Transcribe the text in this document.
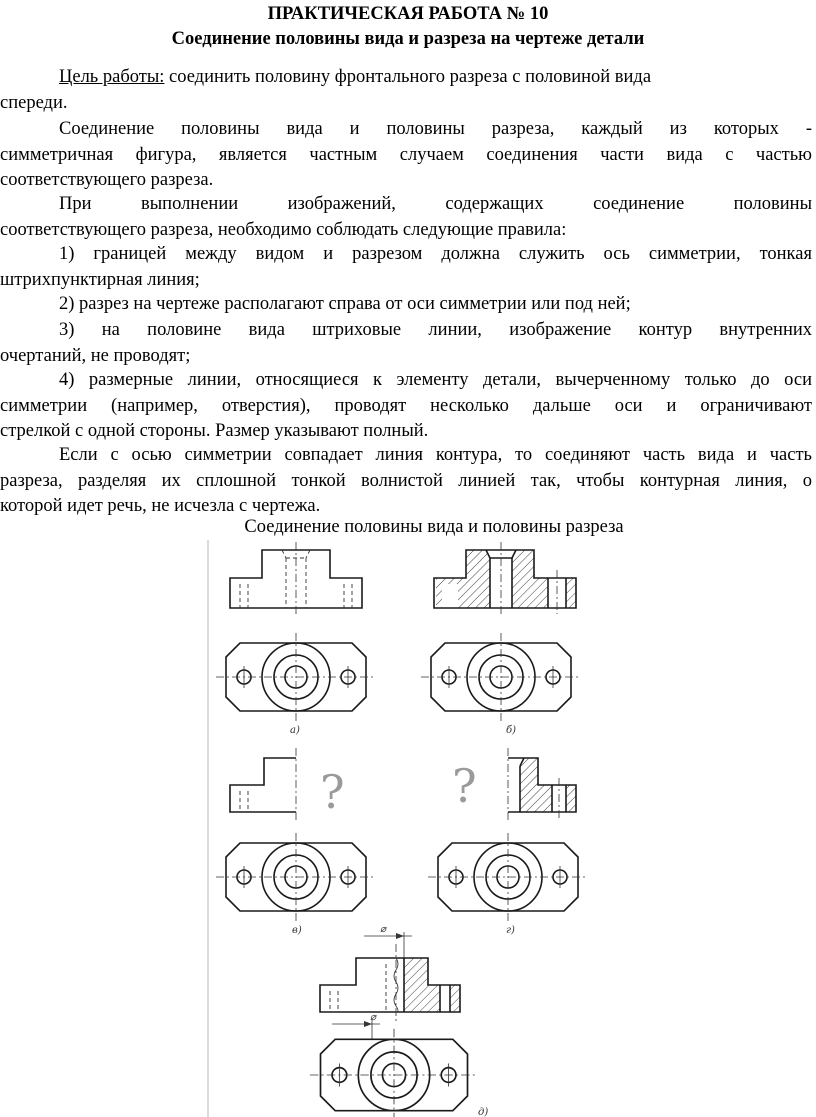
ПРАКТИЧЕСКАЯ РАБОТА № 10
Соединение половины вида и разреза на чертеже детали
Цель работы: соединить половину фронтального разреза с половиной вида
спереди.
Соединение половины вида и половины разреза, каждый из которых -
симметричная фигура, является частным случаем соединения части вида с частью
соответствующего разреза.
При выполнении изображений, содержащих соединение половины
соответствующего разреза, необходимо соблюдать следующие правила:
1) границей между видом и разрезом должна служить ось симметрии, тонкая
штрихпунктирная линия;
2) разрез на чертеже располагают справа от оси симметрии или под ней;
3) на половине вида штриховые линии, изображение контур внутренних
очертаний, не проводят;
4) размерные линии, относящиеся к элементу детали, вычерченному только до оси
симметрии (например, отверстия), проводят несколько дальше оси и ограничивают
стрелкой с одной стороны. Размер указывают полный.
Если с осью симметрии совпадает линия контура, то соединяют часть вида и часть
разреза, разделяя их сплошной тонкой волнистой линией так, чтобы контурная линия, о
которой идет речь, не исчезла с чертежа.
Соединение половины вида и половины разреза
а)	б)
?
в)
?
г)
⌀
⌀
д)
